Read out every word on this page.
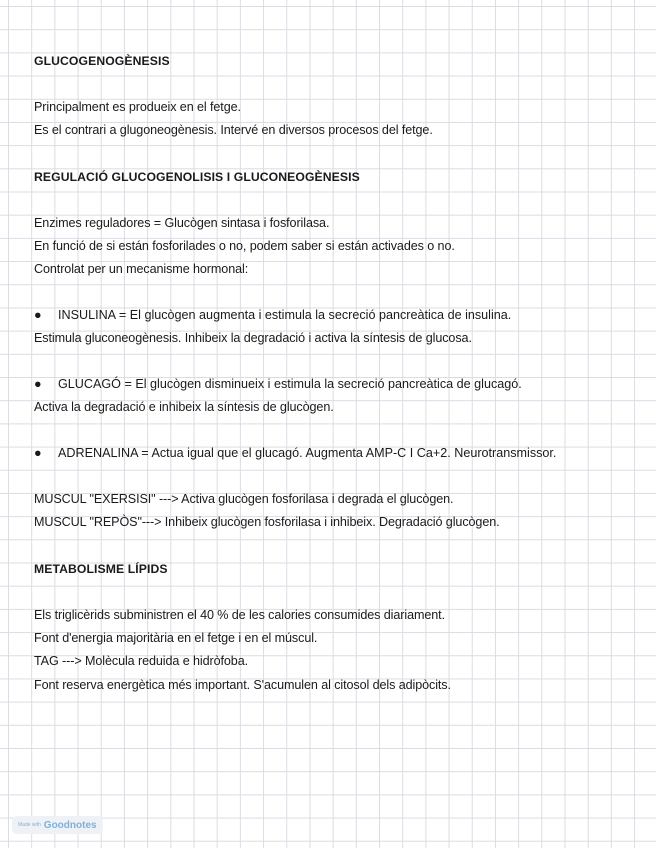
GLUCOGENOGÈNESIS
Principalment es produeix en el fetge.
Es el contrari a glugoneogènesis. Intervé en diversos procesos del fetge.
REGULACIÓ GLUCOGENOLISIS I GLUCONEOGÈNESIS
Enzimes reguladores = Glucògen sintasa i fosforilasa.
En funció de si están fosforilades o no, podem saber si están activades o no.
Controlat per un mecanisme hormonal:
● INSULINA = El glucògen augmenta i estimula la secreció pancreàtica de insulina.
Estimula gluconeogènesis. Inhibeix la degradació i activa la síntesis de glucosa.
● GLUCAGÓ = El glucògen disminueix i estimula la secreció pancreàtica de glucagó.
Activa la degradació e inhibeix la síntesis de glucògen.
● ADRENALINA = Actua igual que el glucagó. Augmenta AMP-C I Ca+2. Neurotransmissor.
MUSCUL "EXERSISI" ---> Activa glucògen fosforilasa i degrada el glucògen.
MUSCUL "REPÒS"---> Inhibeix glucògen fosforilasa i inhibeix. Degradació glucògen.
METABOLISME LÍPIDS
Els triglicèrids subministren el 40 % de les calories consumides diariament.
Font d'energia majoritària en el fetge i en el múscul.
TAG ---> Molècula reduida e hidròfoba.
Font reserva energètica més important. S'acumulen al citosol dels adipòcits.
Made with Goodnotes
